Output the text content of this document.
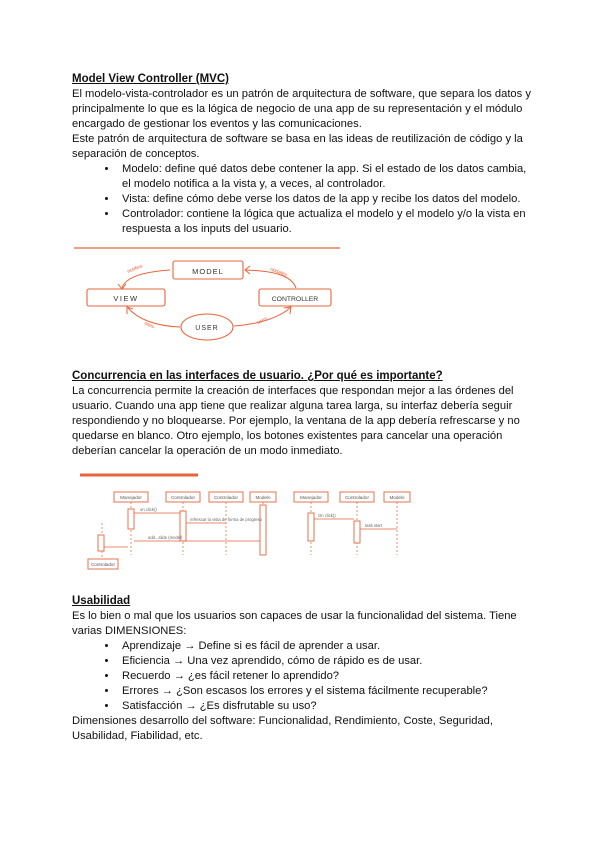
Model View Controller (MVC)

El modelo-vista-controlador es un patrón de arquitectura de software, que separa los datos y principalmente lo que es la lógica de negocio de una app de su representación y el módulo encargado de gestionar los eventos y las comunicaciones.

Este patrón de arquitectura de software se basa en las ideas de reutilización de código y la separación de conceptos.

• Modelo: define qué datos debe contener la app. Si el estado de los datos cambia, el modelo notifica a la vista y, a veces, al controlador.
• Vista: define cómo debe verse los datos de la app y recibe los datos del modelo.
• Controlador: contiene la lógica que actualiza el modelo y el modelo y/o la vista en respuesta a los inputs del usuario.
MODEL
VIEW	CONTROLLER
USER
notifies	updates
sees	uses
Concurrencia en las interfaces de usuario. ¿Por qué es importante?

La concurrencia permite la creación de interfaces que respondan mejor a las órdenes del usuario. Cuando una app tiene que realizar alguna tarea larga, su interfaz debería seguir respondiendo y no bloquearse. Por ejemplo, la ventana de la app debería refrescarse y no quedarse en blanco. Otro ejemplo, los botones existentes para cancelar una operación deberían cancelar la operación de un modo inmediato.

Manejador	Controlador	Controlador	Modelo	Manejador	Controlador	Modelo
Controlador
on click()
refrescar la vista de forma de progreso
add...slide (model)
On click()
task start
Usabilidad

Es lo bien o mal que los usuarios son capaces de usar la funcionalidad del sistema. Tiene varias DIMENSIONES:

• Aprendizaje → Define si es fácil de aprender a usar.
• Eficiencia → Una vez aprendido, cómo de rápido es de usar.
• Recuerdo → ¿es fácil retener lo aprendido?
• Errores → ¿Son escasos los errores y el sistema fácilmente recuperable?
• Satisfacción → ¿Es disfrutable su uso?

Dimensiones desarrollo del software: Funcionalidad, Rendimiento, Coste, Seguridad, Usabilidad, Fiabilidad, etc.
